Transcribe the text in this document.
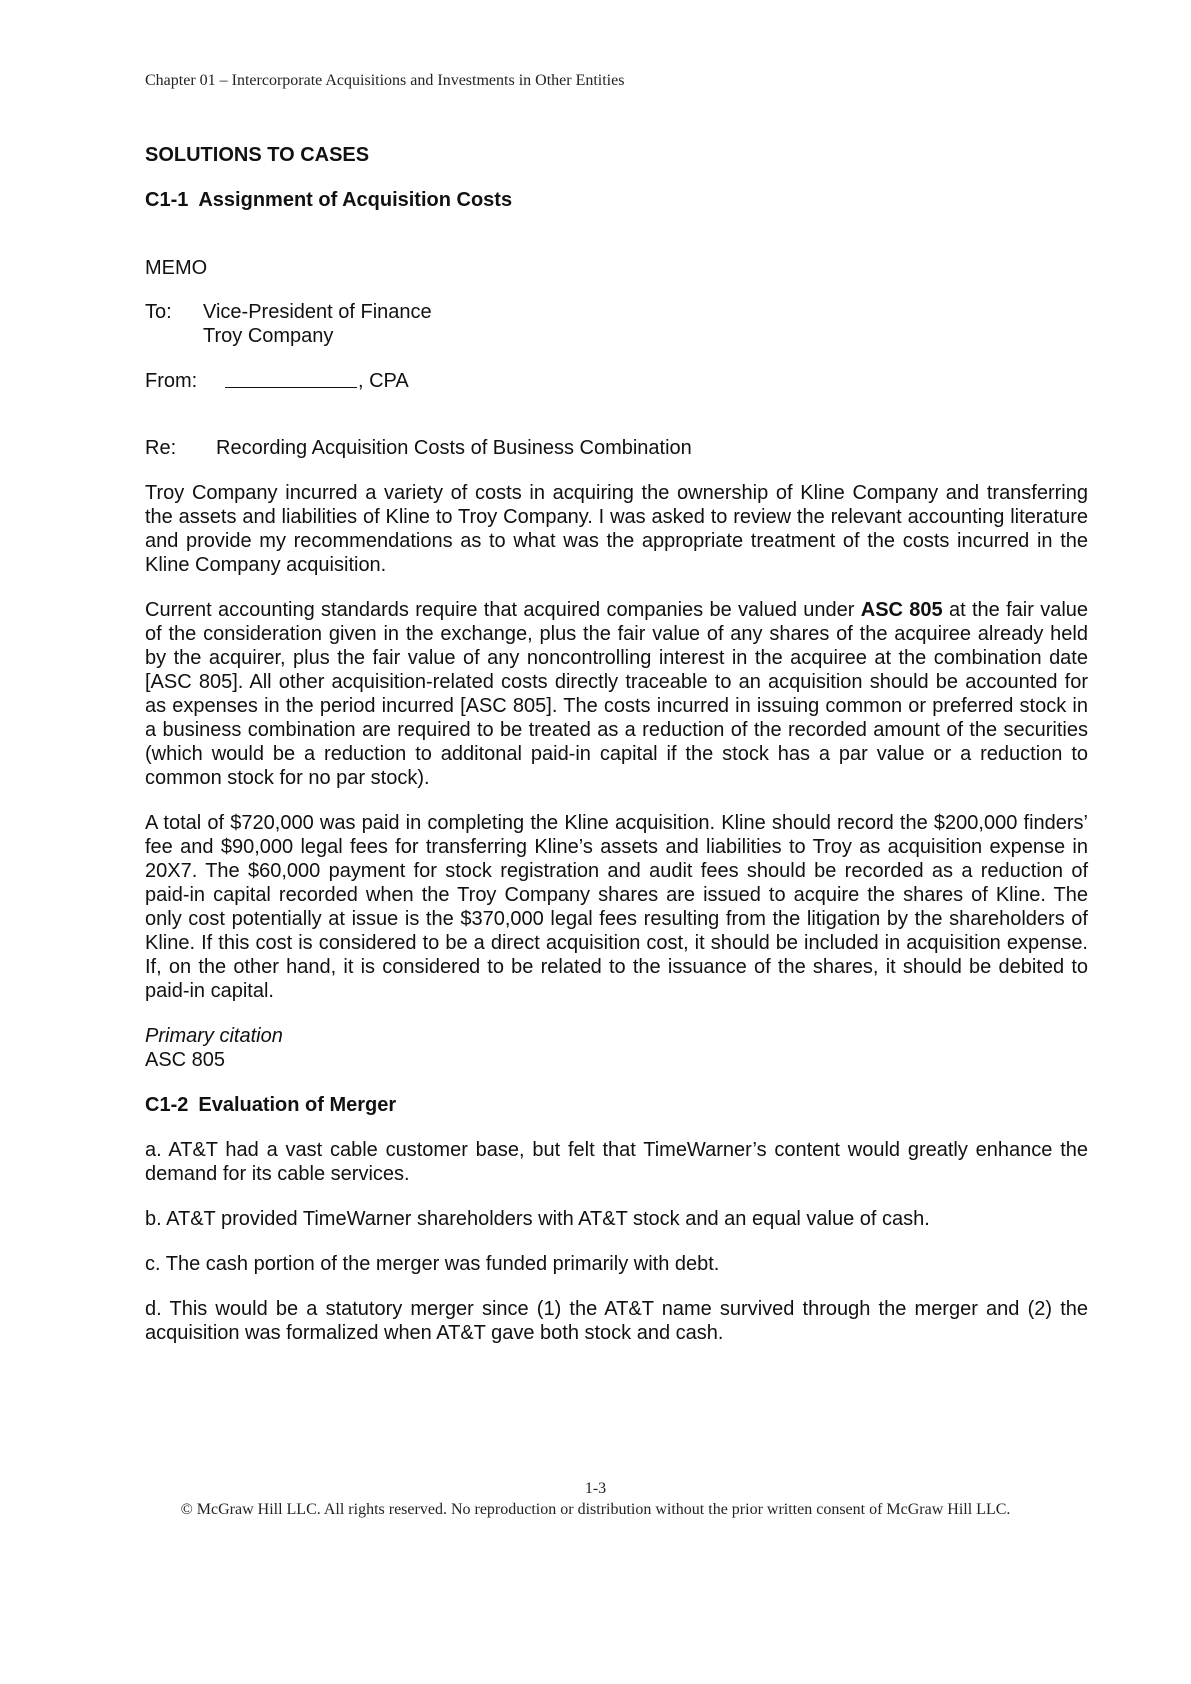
Chapter 01 – Intercorporate Acquisitions and Investments in Other Entities
SOLUTIONS TO CASES
C1-1 Assignment of Acquisition Costs
MEMO
To:	Vice-President of Finance
Troy Company
From:	, CPA
Re:	Recording Acquisition Costs of Business Combination

Troy Company incurred a variety of costs in acquiring the ownership of Kline Company and transferring the assets and liabilities of Kline to Troy Company. I was asked to review the relevant accounting literature and provide my recommendations as to what was the appropriate treatment of the costs incurred in the Kline Company acquisition.

Current accounting standards require that acquired companies be valued under ASC 805 at the fair value of the consideration given in the exchange, plus the fair value of any shares of the acquiree already held by the acquirer, plus the fair value of any noncontrolling interest in the acquiree at the combination date [ASC 805]. All other acquisition-related costs directly traceable to an acquisition should be accounted for as expenses in the period incurred [ASC 805]. The costs incurred in issuing common or preferred stock in a business combination are required to be treated as a reduction of the recorded amount of the securities (which would be a reduction to additonal paid-in capital if the stock has a par value or a reduction to common stock for no par stock).

A total of $720,000 was paid in completing the Kline acquisition. Kline should record the $200,000 finders’ fee and $90,000 legal fees for transferring Kline’s assets and liabilities to Troy as acquisition expense in 20X7. The $60,000 payment for stock registration and audit fees should be recorded as a reduction of paid-in capital recorded when the Troy Company shares are issued to acquire the shares of Kline. The only cost potentially at issue is the $370,000 legal fees resulting from the litigation by the shareholders of Kline. If this cost is considered to be a direct acquisition cost, it should be included in acquisition expense. If, on the other hand, it is considered to be related to the issuance of the shares, it should be debited to paid-in capital.

Primary citation
ASC 805
C1-2 Evaluation of Merger

a. AT&T had a vast cable customer base, but felt that TimeWarner’s content would greatly enhance the demand for its cable services.

b. AT&T provided TimeWarner shareholders with AT&T stock and an equal value of cash.

c. The cash portion of the merger was funded primarily with debt.

d. This would be a statutory merger since (1) the AT&T name survived through the merger and (2) the acquisition was formalized when AT&T gave both stock and cash.

1-3
© McGraw Hill LLC. All rights reserved. No reproduction or distribution without the prior written consent of McGraw Hill LLC.
